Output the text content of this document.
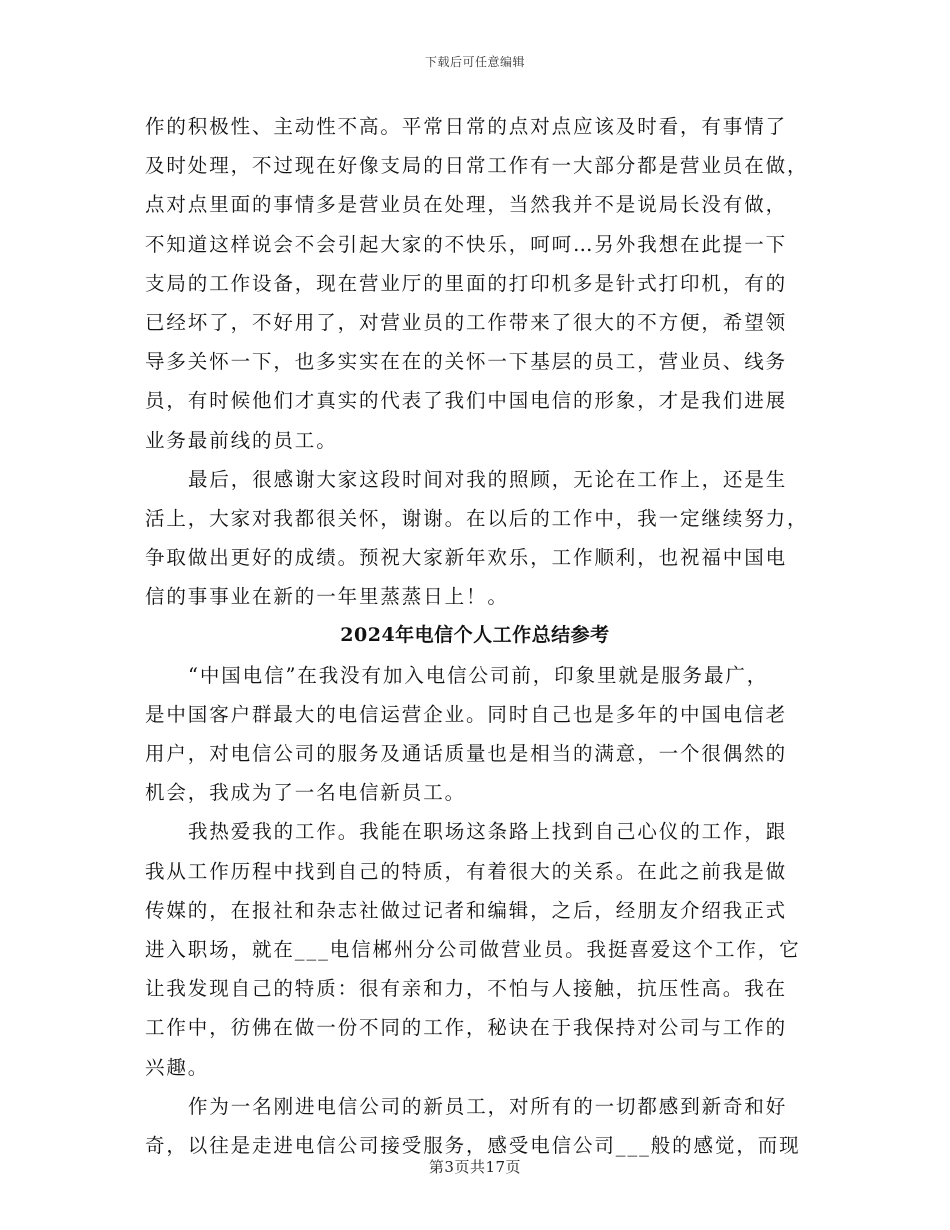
下载后可任意编辑
作的积极性、主动性不高。平常日常的点对点应该及时看，有事情了
及时处理，不过现在好像支局的日常工作有一大部分都是营业员在做，
点对点里面的事情多是营业员在处理，当然我并不是说局长没有做，
不知道这样说会不会引起大家的不快乐，呵呵…另外我想在此提一下
支局的工作设备，现在营业厅的里面的打印机多是针式打印机，有的
已经坏了，不好用了，对营业员的工作带来了很大的不方便，希望领
导多关怀一下，也多实实在在的关怀一下基层的员工，营业员、线务
员，有时候他们才真实的代表了我们中国电信的形象，才是我们进展
业务最前线的员工。
最后，很感谢大家这段时间对我的照顾，无论在工作上，还是生
活上，大家对我都很关怀，谢谢。在以后的工作中，我一定继续努力，
争取做出更好的成绩。预祝大家新年欢乐，工作顺利，也祝福中国电
信的事事业在新的一年里蒸蒸日上！。
2024年电信个人工作总结参考
“中国电信”在我没有加入电信公司前，印象里就是服务最广，
是中国客户群最大的电信运营企业。同时自己也是多年的中国电信老
用户，对电信公司的服务及通话质量也是相当的满意，一个很偶然的
机会，我成为了一名电信新员工。
我热爱我的工作。我能在职场这条路上找到自己心仪的工作，跟
我从工作历程中找到自己的特质，有着很大的关系。在此之前我是做
传媒的，在报社和杂志社做过记者和编辑，之后，经朋友介绍我正式
进入职场，就在___电信郴州分公司做营业员。我挺喜爱这个工作，它
让我发现自己的特质：很有亲和力，不怕与人接触，抗压性高。我在
工作中，彷佛在做一份不同的工作，秘诀在于我保持对公司与工作的
兴趣。
作为一名刚进电信公司的新员工，对所有的一切都感到新奇和好
奇，以往是走进电信公司接受服务，感受电信公司___般的感觉，而现
第3页共17页
